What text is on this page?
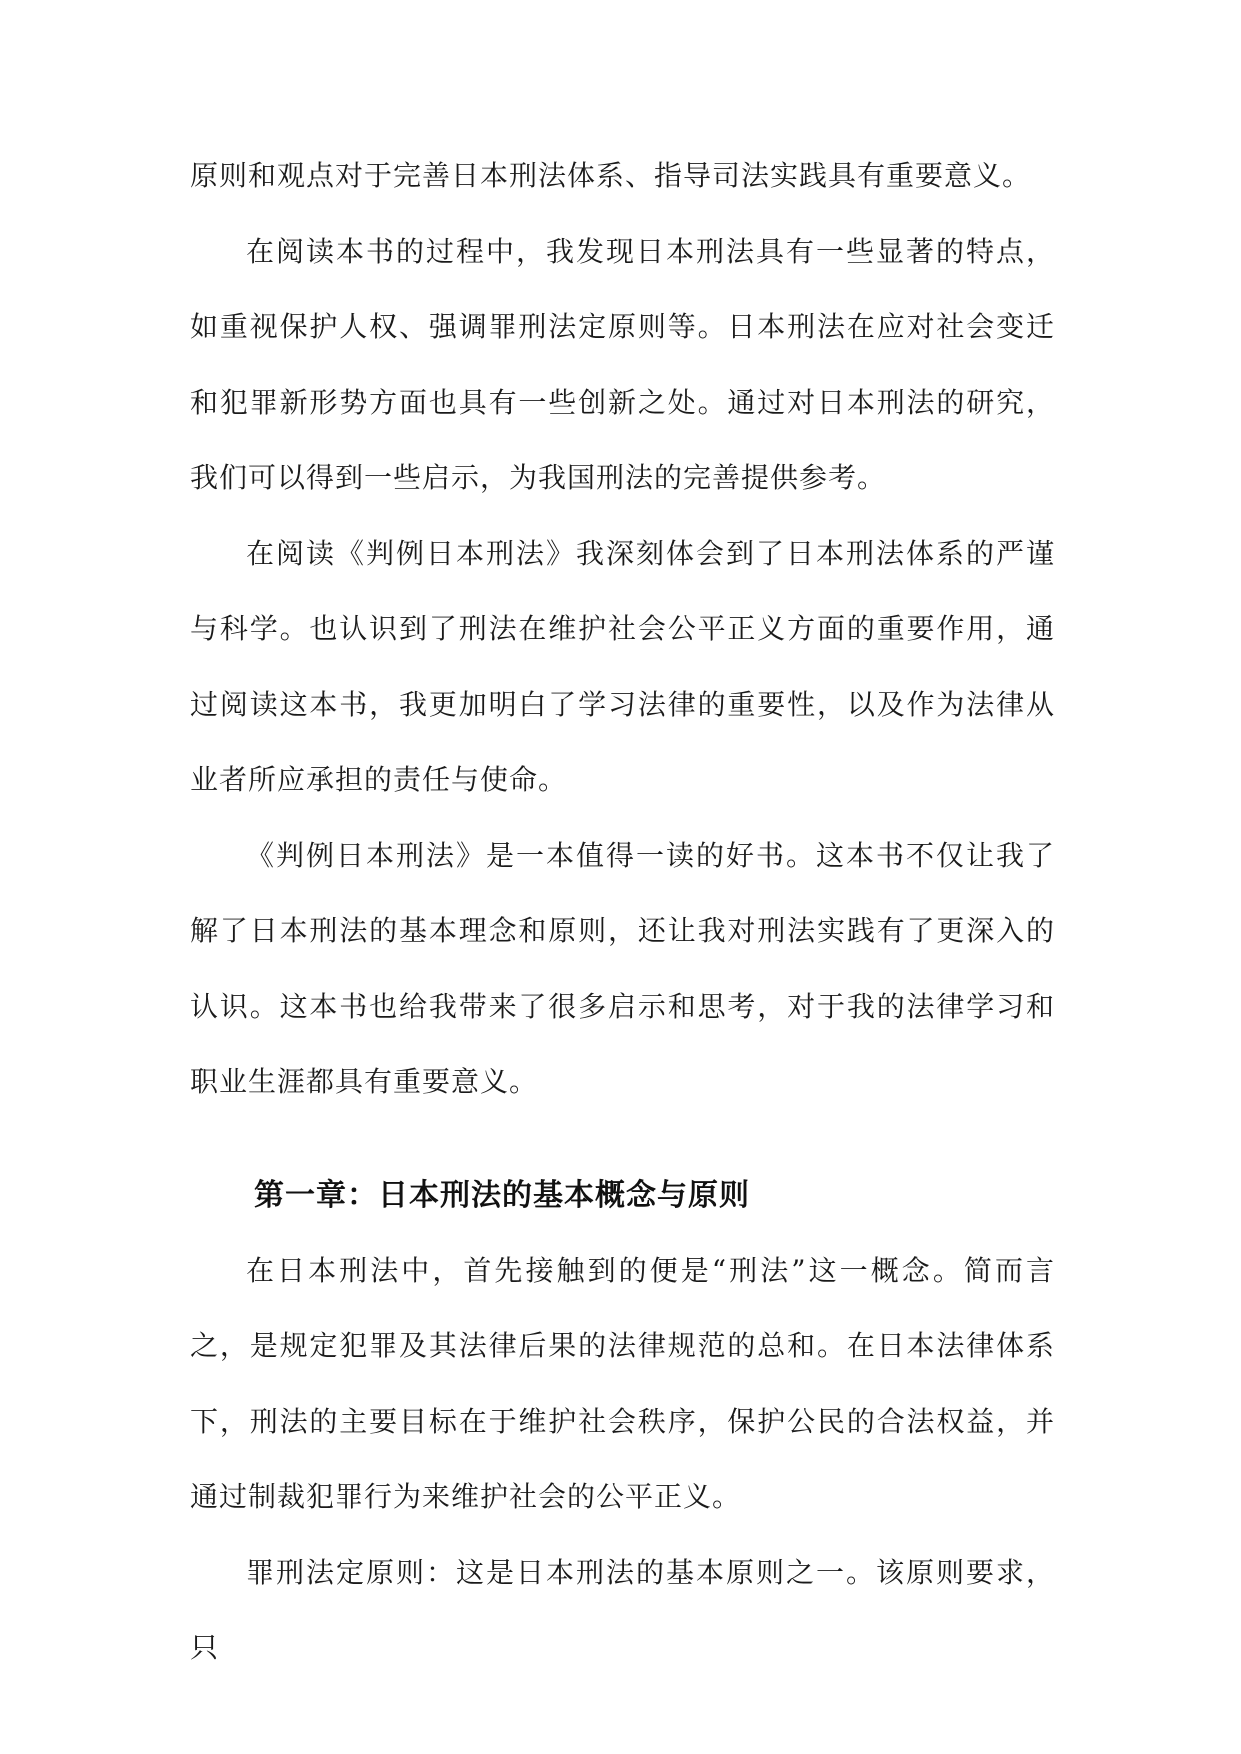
原则和观点对于完善日本刑法体系、指导司法实践具有重要意义。

在阅读本书的过程中，我发现日本刑法具有一些显著的特点，如重视保护人权、强调罪刑法定原则等。日本刑法在应对社会变迁和犯罪新形势方面也具有一些创新之处。通过对日本刑法的研究，我们可以得到一些启示，为我国刑法的完善提供参考。

在阅读《判例日本刑法》我深刻体会到了日本刑法体系的严谨与科学。也认识到了刑法在维护社会公平正义方面的重要作用，通过阅读这本书，我更加明白了学习法律的重要性，以及作为法律从业者所应承担的责任与使命。

《判例日本刑法》是一本值得一读的好书。这本书不仅让我了解了日本刑法的基本理念和原则，还让我对刑法实践有了更深入的认识。这本书也给我带来了很多启示和思考，对于我的法律学习和职业生涯都具有重要意义。

第一章：日本刑法的基本概念与原则

在日本刑法中，首先接触到的便是“刑法”这一概念。简而言之，是规定犯罪及其法律后果的法律规范的总和。在日本法律体系下，刑法的主要目标在于维护社会秩序，保护公民的合法权益，并通过制裁犯罪行为来维护社会的公平正义。

罪刑法定原则：这是日本刑法的基本原则之一。该原则要求，只
